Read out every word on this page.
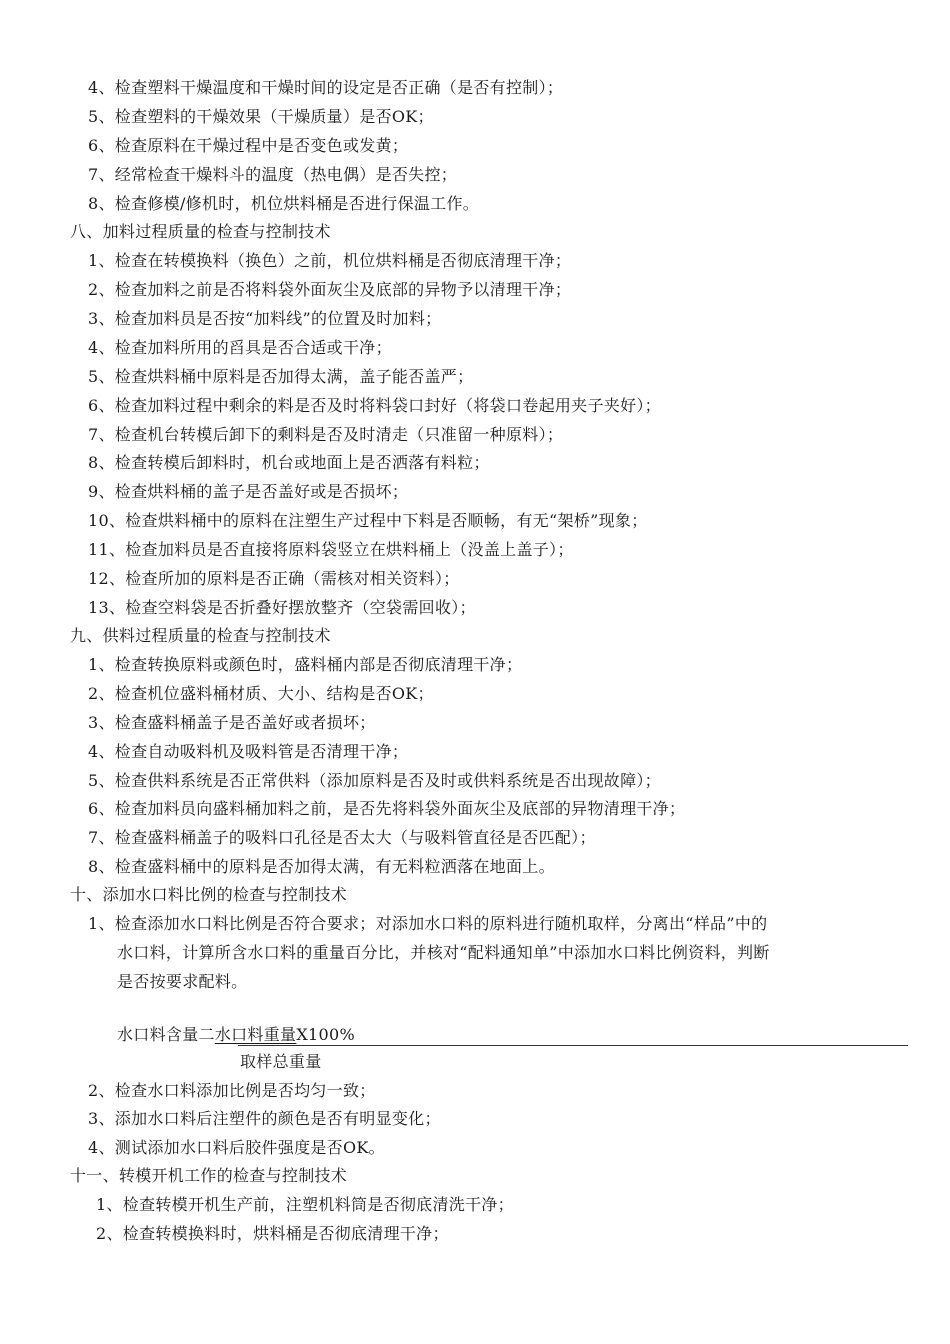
4、检查塑料干燥温度和干燥时间的设定是否正确（是否有控制）；
5、检查塑料的干燥效果（干燥质量）是否OK；
6、检查原料在干燥过程中是否变色或发黄；
7、经常检查干燥料斗的温度（热电偶）是否失控；
8、检查修模/修机时，机位烘料桶是否进行保温工作。
八、加料过程质量的检查与控制技术
1、检查在转模换料（换色）之前，机位烘料桶是否彻底清理干净；
2、检查加料之前是否将料袋外面灰尘及底部的异物予以清理干净；
3、检查加料员是否按“加料线”的位置及时加料；
4、检查加料所用的舀具是否合适或干净；
5、检查烘料桶中原料是否加得太满，盖子能否盖严；
6、检查加料过程中剩余的料是否及时将料袋口封好（将袋口卷起用夹子夹好）；
7、检查机台转模后卸下的剩料是否及时清走（只准留一种原料）；
8、检查转模后卸料时，机台或地面上是否洒落有料粒；
9、检查烘料桶的盖子是否盖好或是否损坏；
10、检查烘料桶中的原料在注塑生产过程中下料是否顺畅，有无“架桥”现象；
11、检查加料员是否直接将原料袋竖立在烘料桶上（没盖上盖子）；
12、检查所加的原料是否正确（需核对相关资料）；
13、检查空料袋是否折叠好摆放整齐（空袋需回收）；
九、供料过程质量的检查与控制技术
1、检查转换原料或颜色时，盛料桶内部是否彻底清理干净；
2、检查机位盛料桶材质、大小、结构是否OK；
3、检查盛料桶盖子是否盖好或者损坏；
4、检查自动吸料机及吸料管是否清理干净；
5、检查供料系统是否正常供料（添加原料是否及时或供料系统是否出现故障）；
6、检查加料员向盛料桶加料之前，是否先将料袋外面灰尘及底部的异物清理干净；
7、检查盛料桶盖子的吸料口孔径是否太大（与吸料管直径是否匹配）；
8、检查盛料桶中的原料是否加得太满，有无料粒洒落在地面上。
十、添加水口料比例的检查与控制技术
1、检查添加水口料比例是否符合要求；对添加水口料的原料进行随机取样，分离出“样品”中的
水口料，计算所含水口料的重量百分比，并核对“配料通知单”中添加水口料比例资料，判断
是否按要求配料。
水口料含量二水口料重量X100%
取样总重量
2、检查水口料添加比例是否均匀一致；
3、添加水口料后注塑件的颜色是否有明显变化；
4、测试添加水口料后胶件强度是否OK。
十一、转模开机工作的检查与控制技术
1、检查转模开机生产前，注塑机料筒是否彻底清洗干净；
2、检查转模换料时，烘料桶是否彻底清理干净；
